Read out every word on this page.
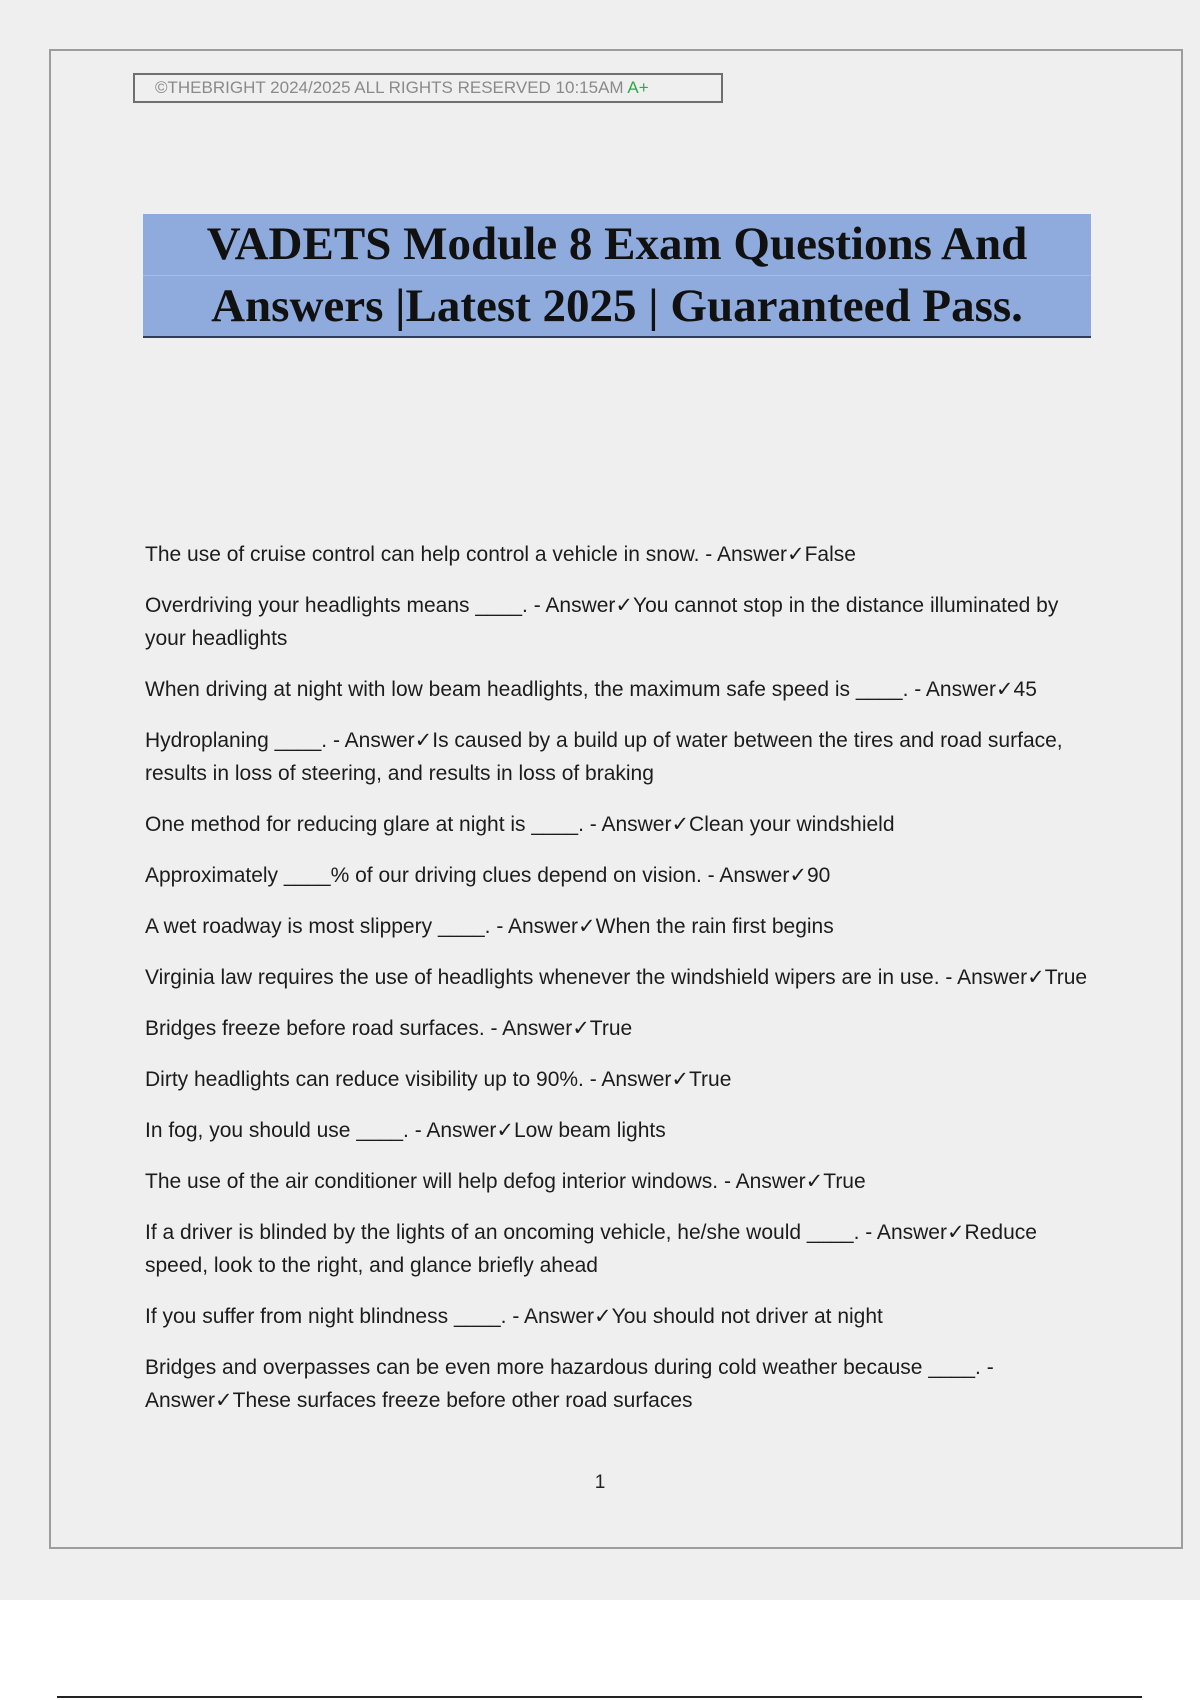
©THEBRIGHT 2024/2025 ALL RIGHTS RESERVED 10:15AM A+
VADETS Module 8 Exam Questions And
Answers |Latest 2025 | Guaranteed Pass.

The use of cruise control can help control a vehicle in snow. - Answer✓False

Overdriving your headlights means ____. - Answer✓You cannot stop in the distance illuminated by your headlights

When driving at night with low beam headlights, the maximum safe speed is ____. - Answer✓45

Hydroplaning ____. - Answer✓Is caused by a build up of water between the tires and road surface, results in loss of steering, and results in loss of braking

One method for reducing glare at night is ____. - Answer✓Clean your windshield

Approximately ____% of our driving clues depend on vision. - Answer✓90

A wet roadway is most slippery ____. - Answer✓When the rain first begins

Virginia law requires the use of headlights whenever the windshield wipers are in use. - Answer✓True

Bridges freeze before road surfaces. - Answer✓True

Dirty headlights can reduce visibility up to 90%. - Answer✓True

In fog, you should use ____. - Answer✓Low beam lights

The use of the air conditioner will help defog interior windows. - Answer✓True

If a driver is blinded by the lights of an oncoming vehicle, he/she would ____. - Answer✓Reduce speed, look to the right, and glance briefly ahead

If you suffer from night blindness ____. - Answer✓You should not driver at night

Bridges and overpasses can be even more hazardous during cold weather because ____. - Answer✓These surfaces freeze before other road surfaces

1
